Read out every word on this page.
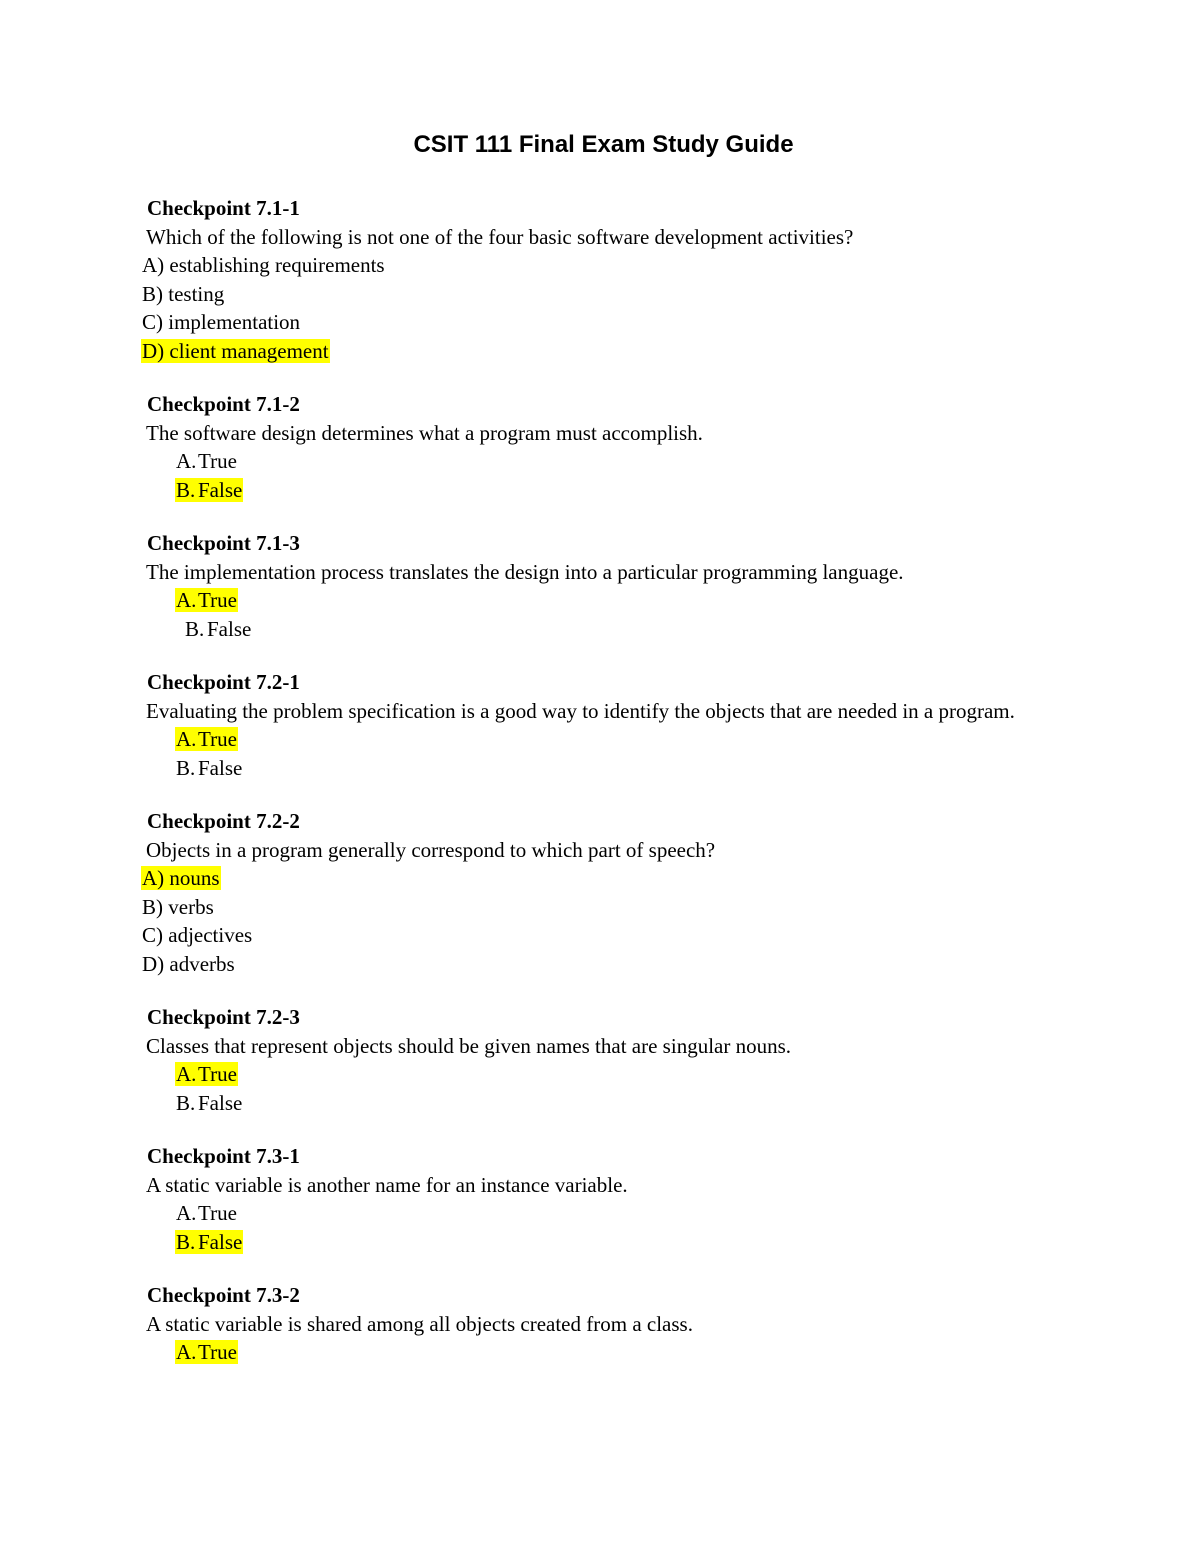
CSIT 111 Final Exam Study Guide

Checkpoint 7.1-1

Which of the following is not one of the four basic software development activities?

A) establishing requirements

B) testing

C) implementation

D) client management

Checkpoint 7.1-2

The software design determines what a program must accomplish.

A.True

B. False

Checkpoint 7.1-3

The implementation process translates the design into a particular programming language.

A.True

B. False

Checkpoint 7.2-1

Evaluating the problem specification is a good way to identify the objects that are needed in a program.

A.True

B. False

Checkpoint 7.2-2

Objects in a program generally correspond to which part of speech?

A) nouns

B) verbs

C) adjectives

D) adverbs

Checkpoint 7.2-3

Classes that represent objects should be given names that are singular nouns.

A.True

B. False

Checkpoint 7.3-1

A static variable is another name for an instance variable.

A.True

B. False

Checkpoint 7.3-2

A static variable is shared among all objects created from a class.

A.True
